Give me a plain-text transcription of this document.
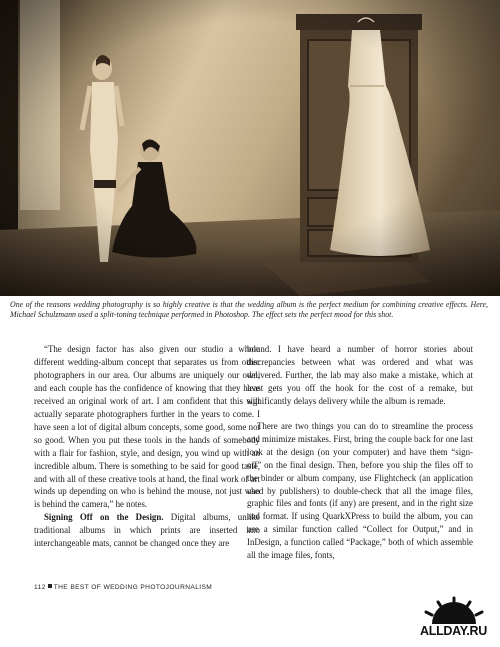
One of the reasons wedding photography is so highly creative is that the wedding album is the perfect medium for combining creative effects. Here, Michael Schulzmann used a split-toning technique performed in Photoshop. The effect sets the perfect mood for this shot.

“The design factor has also given our studio a whole different wedding-album concept that separates us from other photographers in our area. Our albums are uniquely our own, and each couple has the confidence of knowing that they have received an original work of art. I am confident that this will actually separate photographers further in the years to come. I have seen a lot of digital album concepts, some good, some not so good. When you put these tools in the hands of somebody with a flair for fashion, style, and design, you wind up with an incredible album. There is something to be said for good taste, and with all of these creative tools at hand, the final work of art winds up depending on who is behind the mouse, not just who is behind the camera,” he notes.

Signing Off on the Design. Digital albums, unlike traditional albums in which prints are inserted into interchangeable mats, cannot be changed once they are

bound. I have heard a number of horror stories about discrepancies between what was ordered and what was delivered. Further, the lab may also make a mistake, which at least gets you off the hook for the cost of a remake, but significantly delays delivery while the album is remade.

There are two things you can do to streamline the process and minimize mistakes. First, bring the couple back for one last look at the design (on your computer) and have them “sign-off” on the final design. Then, before you ship the files off to the binder or album company, use Flightcheck (an application used by publishers) to double-check that all the image files, graphic files and fonts (if any) are present, and in the right size and format. If using QuarkXPress to build the album, you can use a similar function called “Collect for Output,” and in InDesign, a function called “Package,” both of which assemble all the image files, fonts,

112 THE BEST OF WEDDING PHOTOJOURNALISM
ALLDAY.RU
